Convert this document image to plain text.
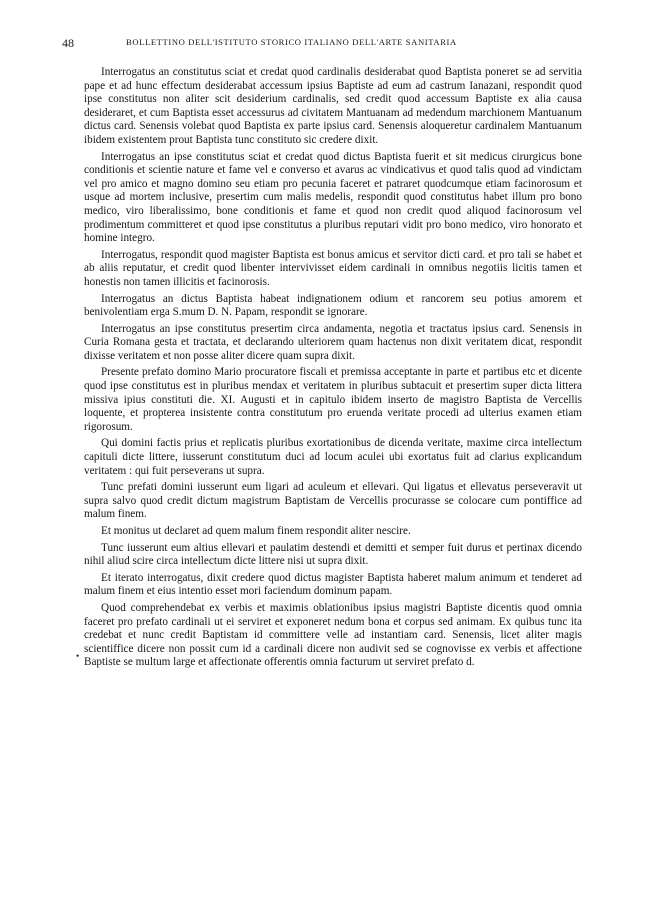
48	BOLLETTINO DELL'ISTITUTO STORICO ITALIANO DELL'ARTE SANITARIA
•

Interrogatus an constitutus sciat et credat quod cardinalis desiderabat quod Baptista poneret se ad servitia pape et ad hunc effectum desiderabat accessum ipsius Baptiste ad eum ad castrum Ianazani, respondit quod ipse constitutus non aliter scit desiderium cardinalis, sed credit quod accessum Baptiste ex alia causa desideraret, et cum Baptista esset accessurus ad civitatem Mantuanam ad medendum marchionem Mantuanum dictus card. Senensis volebat quod Baptista ex parte ipsius card. Senensis aloqueretur cardinalem Mantuanum ibidem existentem prout Baptista tunc constituto sic credere dixit.

Interrogatus an ipse constitutus sciat et credat quod dictus Baptista fuerit et sit medicus cirurgicus bone conditionis et scientie nature et fame vel e converso et avarus ac vindicativus et quod talis quod ad vindictam vel pro amico et magno domino seu etiam pro pecunia faceret et patraret quodcumque etiam facinorosum et usque ad mortem inclusive, presertim cum malis medelis, respondit quod constitutus habet illum pro bono medico, viro liberalissimo, bone conditionis et fame et quod non credit quod aliquod facinorosum vel prodimentum committeret et quod ipse constitutus a pluribus reputari vidit pro bono medico, viro honorato et homine integro.

Interrogatus, respondit quod magister Baptista est bonus amicus et servitor dicti card. et pro tali se habet et ab aliis reputatur, et credit quod libenter intervivisset eidem cardinali in omnibus negotiis licitis tamen et honestis non tamen illicitis et facinorosis.

Interrogatus an dictus Baptista habeat indignationem odium et rancorem seu potius amorem et benivolentiam erga S.mum D. N. Papam, respondit se ignorare.

Interrogatus an ipse constitutus presertim circa andamenta, negotia et tractatus ipsius card. Senensis in Curia Romana gesta et tractata, et declarando ulteriorem quam hactenus non dixit veritatem dicat, respondit dixisse veritatem et non posse aliter dicere quam supra dixit.

Presente prefato domino Mario procuratore fiscali et premissa acceptante in parte et partibus etc et dicente quod ipse constitutus est in pluribus mendax et veritatem in pluribus subtacuit et presertim super dicta littera missiva ipius constituti die. XI. Augusti et in capitulo ibidem inserto de magistro Baptista de Vercellis loquente, et propterea insistente contra constitutum pro eruenda veritate procedi ad ulterius examen etiam rigorosum.

Qui domini factis prius et replicatis pluribus exortationibus de dicenda veritate, maxime circa intellectum capituli dicte littere, iusserunt constitutum duci ad locum aculei ubi exortatus fuit ad clarius explicandum veritatem : qui fuit perseverans ut supra.

Tunc prefati domini iusserunt eum ligari ad aculeum et ellevari. Qui ligatus et ellevatus perseveravit ut supra salvo quod credit dictum magistrum Baptistam de Vercellis procurasse se colocare cum pontiffice ad malum finem.

Et monitus ut declaret ad quem malum finem respondit aliter nescire.

Tunc iusserunt eum altius ellevari et paulatim destendi et demitti et semper fuit durus et pertinax dicendo nihil aliud scire circa intellectum dicte littere nisi ut supra dixit.

Et iterato interrogatus, dixit credere quod dictus magister Baptista haberet malum animum et tenderet ad malum finem et eius intentio esset mori faciendum dominum papam.

Quod comprehendebat ex verbis et maximis oblationibus ipsius magistri Baptiste dicentis quod omnia faceret pro prefato cardinali ut ei serviret et exponeret nedum bona et corpus sed animam. Ex quibus tunc ita credebat et nunc credit Baptistam id committere velle ad instantiam card. Senensis, licet aliter magis scientiffice dicere non possit cum id a cardinali dicere non audivit sed se cognovisse ex verbis et affectione Baptiste se multum large et affectionate offerentis omnia facturum ut serviret prefato d.
